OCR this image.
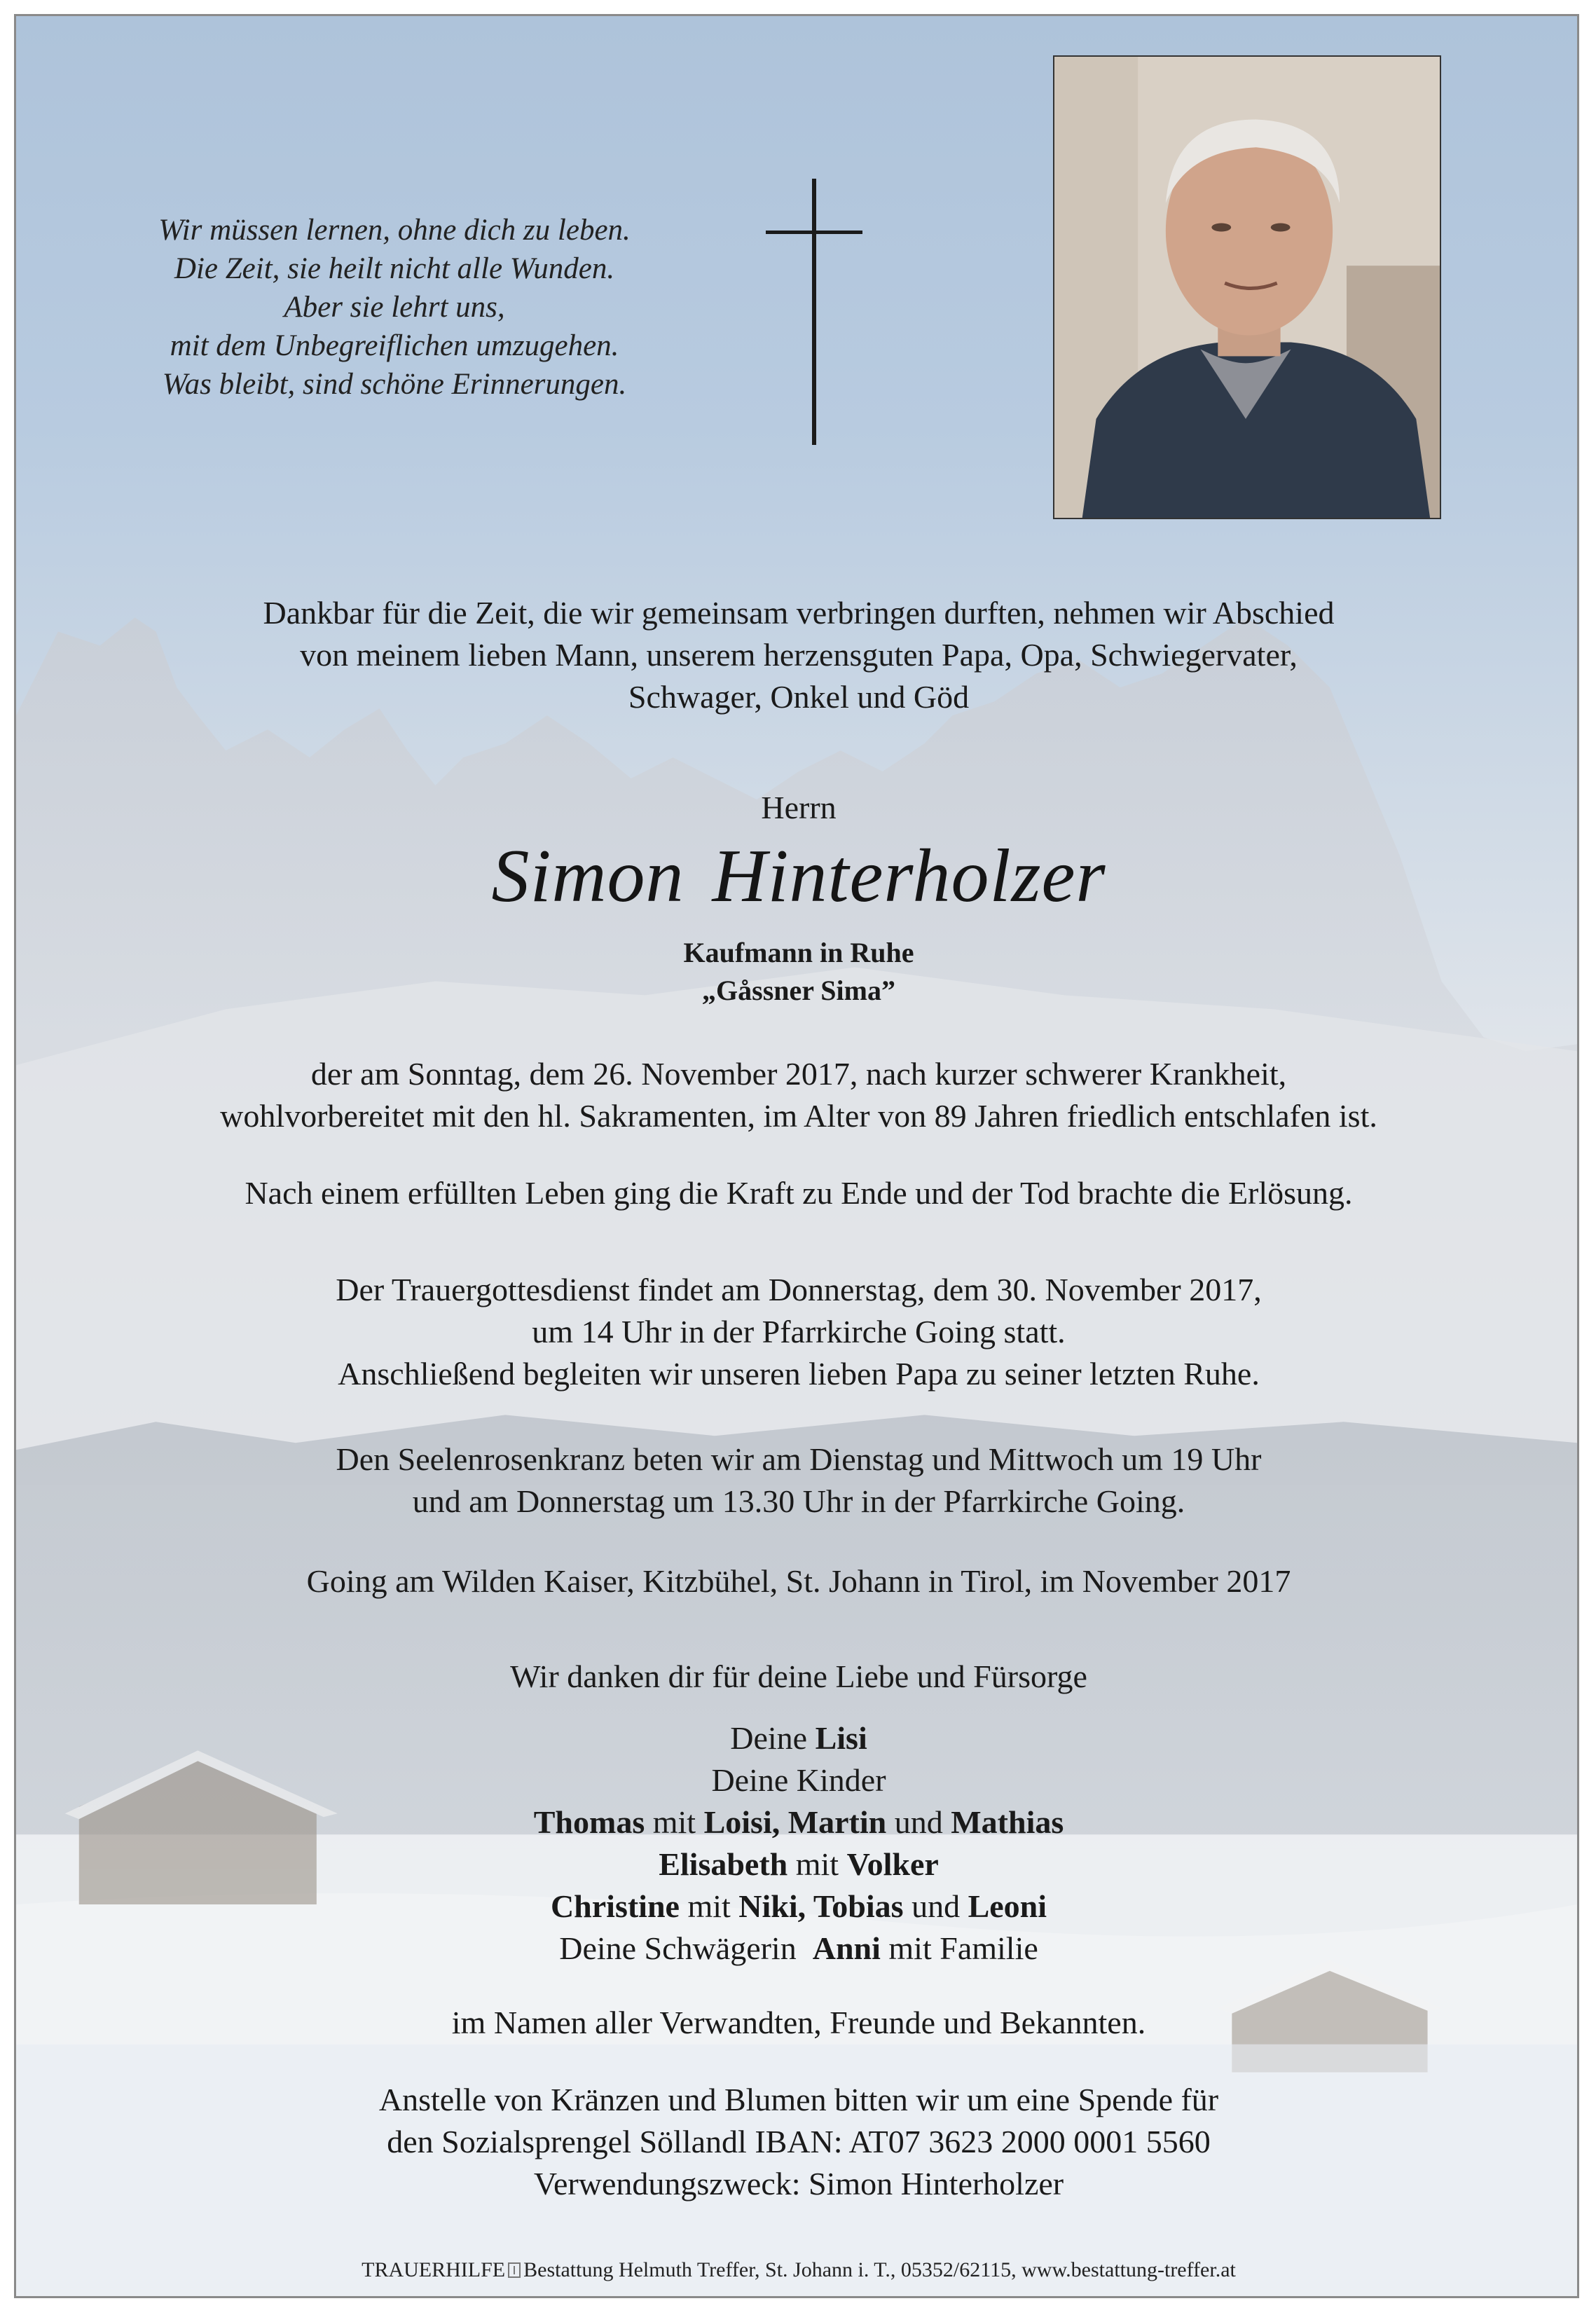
Wir müssen lernen, ohne dich zu leben.
Die Zeit, sie heilt nicht alle Wunden.
Aber sie lehrt uns,
mit dem Unbegreiflichen umzugehen.
Was bleibt, sind schöne Erinnerungen.
Dankbar für die Zeit, die wir gemeinsam verbringen durften, nehmen wir Abschied
von meinem lieben Mann, unserem herzensguten Papa, Opa, Schwiegervater,
Schwager, Onkel und Göd
Herrn
Simon Hinterholzer
Kaufmann in Ruhe
„Gåssner Sima”
der am Sonntag, dem 26. November 2017, nach kurzer schwerer Krankheit,
wohlvorbereitet mit den hl. Sakramenten, im Alter von 89 Jahren friedlich entschlafen ist.
Nach einem erfüllten Leben ging die Kraft zu Ende und der Tod brachte die Erlösung.
Der Trauergottesdienst findet am Donnerstag, dem 30. November 2017,
um 14 Uhr in der Pfarrkirche Going statt.
Anschließend begleiten wir unseren lieben Papa zu seiner letzten Ruhe.
Den Seelenrosenkranz beten wir am Dienstag und Mittwoch um 19 Uhr
und am Donnerstag um 13.30 Uhr in der Pfarrkirche Going.
Going am Wilden Kaiser, Kitzbühel, St. Johann in Tirol, im November 2017
Wir danken dir für deine Liebe und Fürsorge
Deine Lisi
Deine Kinder
Thomas mit Loisi, Martin und Mathias
Elisabeth mit Volker
Christine mit Niki, Tobias und Leoni
Deine Schwägerin Anni mit Familie
im Namen aller Verwandten, Freunde und Bekannten.
Anstelle von Kränzen und Blumen bitten wir um eine Spende für
den Sozialsprengel Söllandl IBAN: AT07 3623 2000 0001 5560
Verwendungszweck: Simon Hinterholzer
TRAUERHILFE Bestattung Helmuth Treffer, St. Johann i. T., 05352/62115, www.bestattung-treffer.at
